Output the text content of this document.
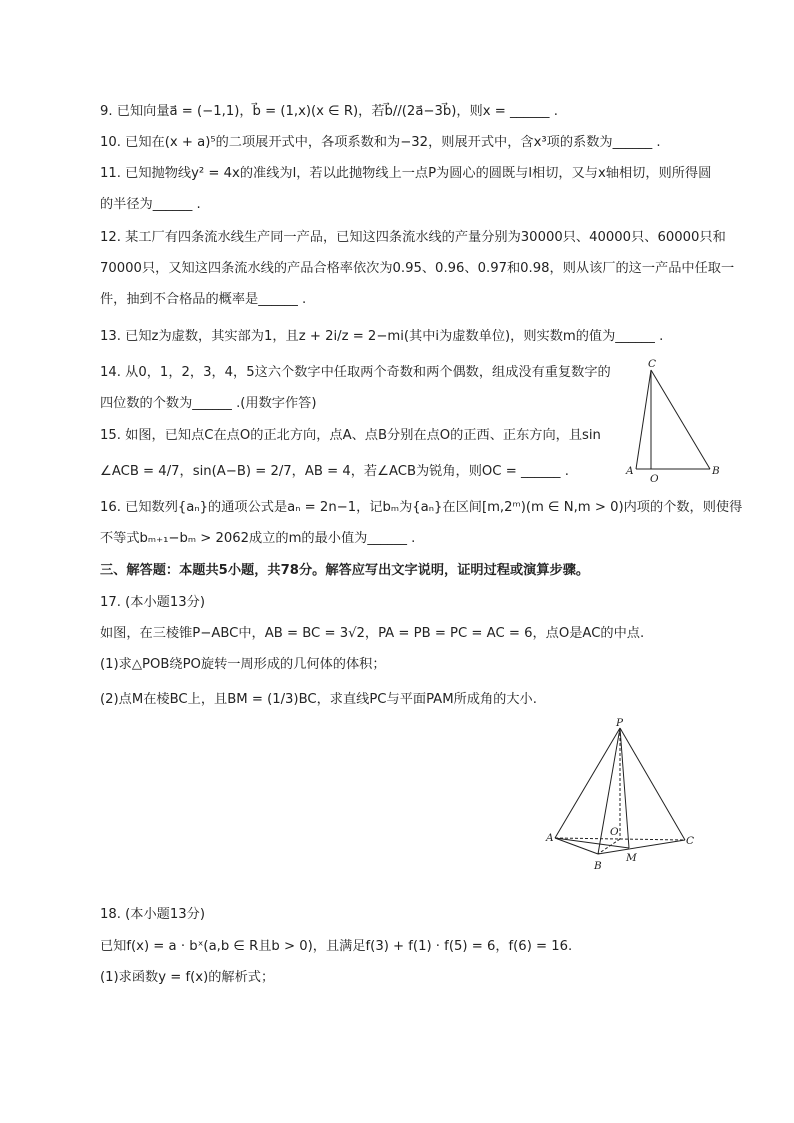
9. 已知向量a⃗ = (−1,1)，b⃗ = (1,x)(x ∈ R)，若b⃗//(2a⃗−3b⃗)，则x = ______ .
10. 已知在(x + a)⁵的二项展开式中，各项系数和为−32，则展开式中，含x³项的系数为______ .
11. 已知抛物线y² = 4x的准线为l，若以此抛物线上一点P为圆心的圆既与l相切，又与x轴相切，则所得圆
的半径为______ .
12. 某工厂有四条流水线生产同一产品，已知这四条流水线的产量分别为30000只、40000只、60000只和
70000只，又知这四条流水线的产品合格率依次为0.95、0.96、0.97和0.98，则从该厂的这一产品中任取一
件，抽到不合格品的概率是______ .
13. 已知z为虚数，其实部为1，且z + 2i/z = 2−mi(其中i为虚数单位)，则实数m的值为______ .
14. 从0，1，2，3，4，5这六个数字中任取两个奇数和两个偶数，组成没有重复数字的
四位数的个数为______ .(用数字作答)
15. 如图，已知点C在点O的正北方向，点A、点B分别在点O的正西、正东方向，且sin
∠ACB = 4/7，sin(A−B) = 2/7，AB = 4，若∠ACB为锐角，则OC = ______ .
16. 已知数列{aₙ}的通项公式是aₙ = 2n−1，记bₘ为{aₙ}在区间[m,2ᵐ)(m ∈ N,m > 0)内项的个数，则使得
不等式bₘ₊₁−bₘ > 2062成立的m的最小值为______ .
三、解答题：本题共5小题，共78分。解答应写出文字说明，证明过程或演算步骤。
17. (本小题13分)
如图，在三棱锥P−ABC中，AB = BC = 3√2，PA = PB = PC = AC = 6，点O是AC的中点.
(1)求△POB绕PO旋转一周形成的几何体的体积；
(2)点M在棱BC上，且BM = (1/3)BC，求直线PC与平面PAM所成角的大小.
18. (本小题13分)
已知f(x) = a · bˣ(a,b ∈ R且b > 0)，且满足f(3) + f(1) · f(5) = 6，f(6) = 16.
(1)求函数y = f(x)的解析式；
C
A
O
B
P
A
B
C
O
M
